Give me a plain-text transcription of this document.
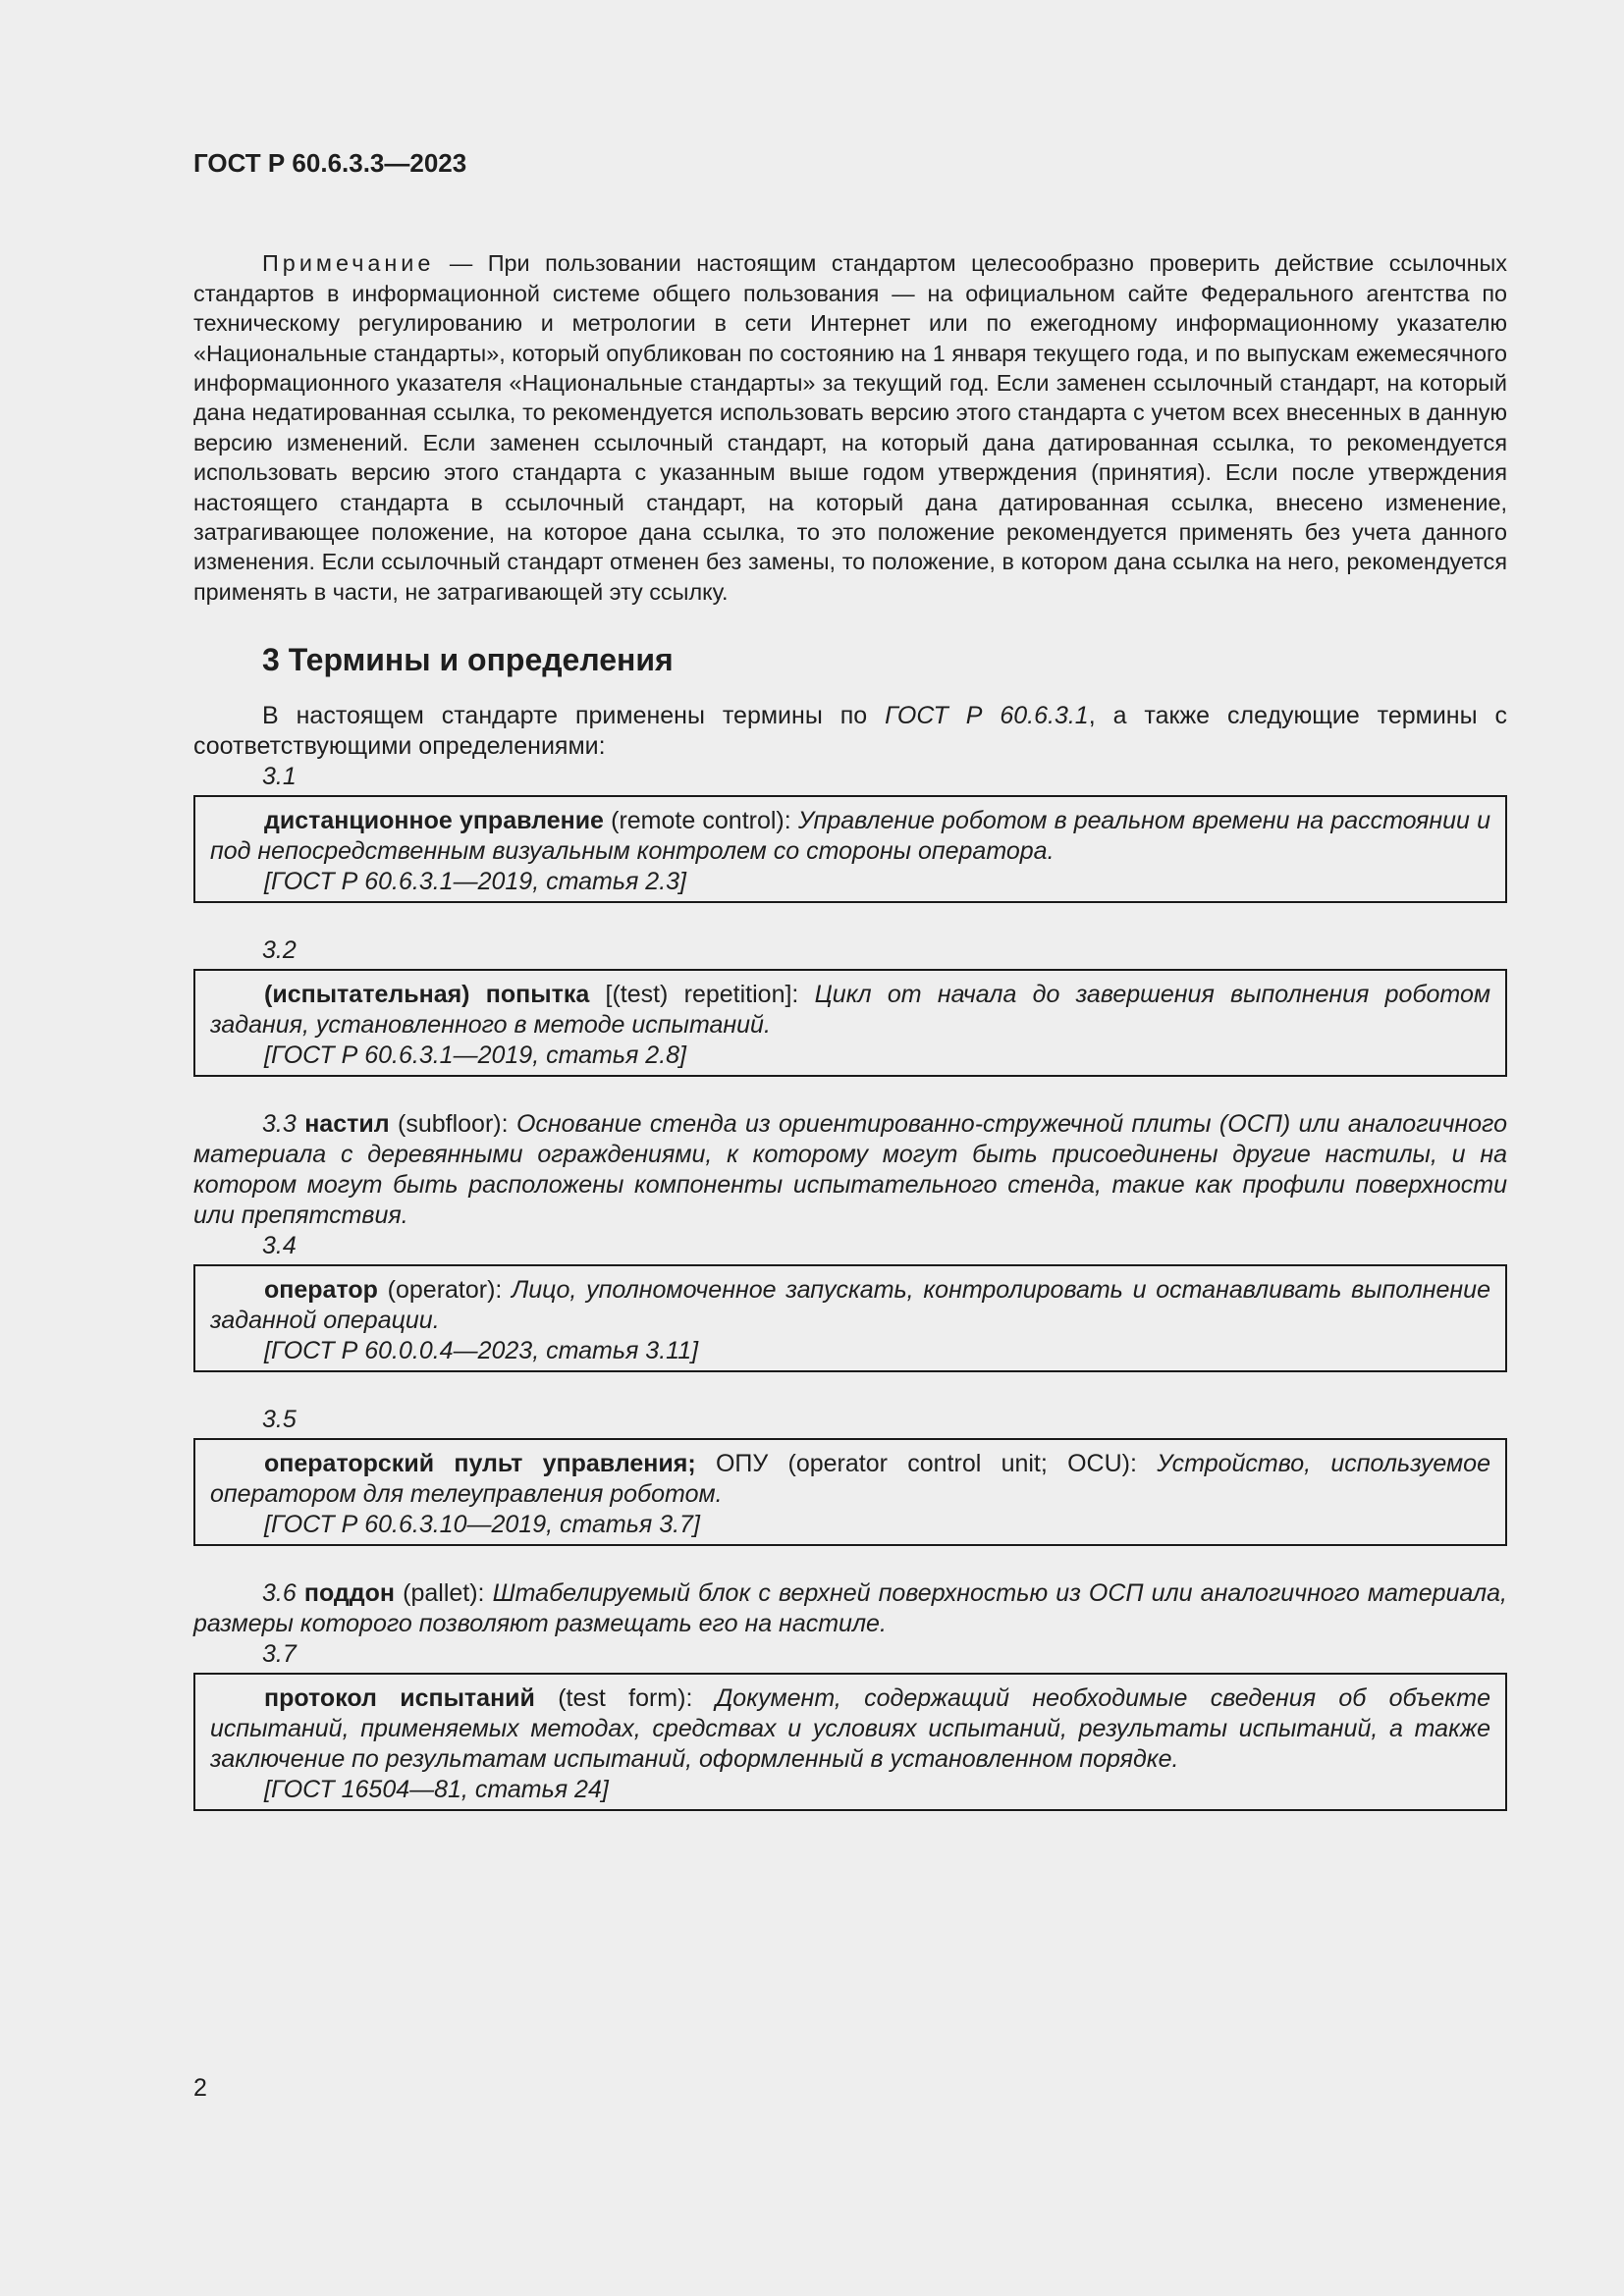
ГОСТ Р 60.6.3.3—2023

Примечание — При пользовании настоящим стандартом целесообразно проверить действие ссылочных стандартов в информационной системе общего пользования — на официальном сайте Федерального агентства по техническому регулированию и метрологии в сети Интернет или по ежегодному информационному указателю «Национальные стандарты», который опубликован по состоянию на 1 января текущего года, и по выпускам ежемесячного информационного указателя «Национальные стандарты» за текущий год. Если заменен ссылочный стандарт, на который дана недатированная ссылка, то рекомендуется использовать версию этого стандарта с учетом всех внесенных в данную версию изменений. Если заменен ссылочный стандарт, на который дана датированная ссылка, то рекомендуется использовать версию этого стандарта с указанным выше годом утверждения (принятия). Если после утверждения настоящего стандарта в ссылочный стандарт, на который дана датированная ссылка, внесено изменение, затрагивающее положение, на которое дана ссылка, то это положение рекомендуется применять без учета данного изменения. Если ссылочный стандарт отменен без замены, то положение, в котором дана ссылка на него, рекомендуется применять в части, не затрагивающей эту ссылку.

3 Термины и определения

В настоящем стандарте применены термины по ГОСТ Р 60.6.3.1, а также следующие термины с соответствующими определениями:

3.1

дистанционное управление (remote control): Управление роботом в реальном времени на расстоянии и под непосредственным визуальным контролем со стороны оператора.

[ГОСТ Р 60.6.3.1—2019, статья 2.3]

3.2

(испытательная) попытка [(test) repetition]: Цикл от начала до завершения выполнения роботом задания, установленного в методе испытаний.

[ГОСТ Р 60.6.3.1—2019, статья 2.8]

3.3 настил (subfloor): Основание стенда из ориентированно-стружечной плиты (ОСП) или аналогичного материала с деревянными ограждениями, к которому могут быть присоединены другие настилы, и на котором могут быть расположены компоненты испытательного стенда, такие как профили поверхности или препятствия.

3.4

оператор (operator): Лицо, уполномоченное запускать, контролировать и останавливать выполнение заданной операции.

[ГОСТ Р 60.0.0.4—2023, статья 3.11]

3.5

операторский пульт управления; ОПУ (operator control unit; OCU): Устройство, используемое оператором для телеуправления роботом.

[ГОСТ Р 60.6.3.10—2019, статья 3.7]

3.6 поддон (pallet): Штабелируемый блок с верхней поверхностью из ОСП или аналогичного материала, размеры которого позволяют размещать его на настиле.

3.7

протокол испытаний (test form): Документ, содержащий необходимые сведения об объекте испытаний, применяемых методах, средствах и условиях испытаний, результаты испытаний, а также заключение по результатам испытаний, оформленный в установленном порядке.

[ГОСТ 16504—81, статья 24]

2
